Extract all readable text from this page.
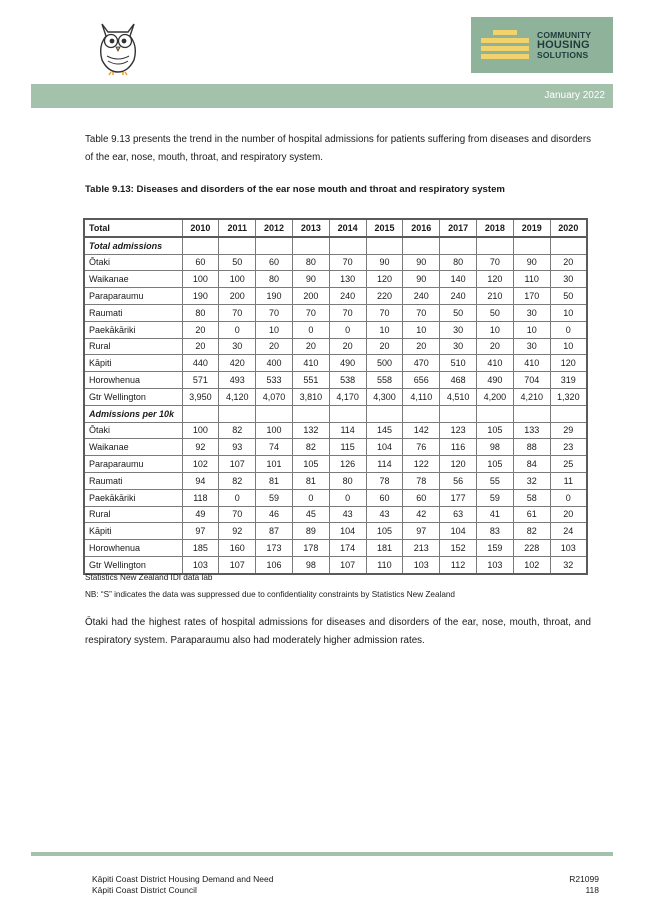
COMMUNITY
HOUSING
SOLUTIONS
January 2022

Table 9.13 presents the trend in the number of hospital admissions for patients suffering from diseases and disorders of the ear, nose, mouth, throat, and respiratory system.

Table 9.13: Diseases and disorders of the ear nose mouth and throat and respiratory system

Total	2010	2011	2012	2013	2014	2015	2016	2017	2018	2019	2020
Total admissions											
Ōtaki	60	50	60	80	70	90	90	80	70	90	20
Waikanae	100	100	80	90	130	120	90	140	120	110	30
Paraparaumu	190	200	190	200	240	220	240	240	210	170	50
Raumati	80	70	70	70	70	70	70	50	50	30	10
Paekākāriki	20	0	10	0	0	10	10	30	10	10	0
Rural	20	30	20	20	20	20	20	30	20	30	10
Kāpiti	440	420	400	410	490	500	470	510	410	410	120
Horowhenua	571	493	533	551	538	558	656	468	490	704	319
Gtr Wellington	3,950	4,120	4,070	3,810	4,170	4,300	4,110	4,510	4,200	4,210	1,320
Admissions per 10k											
Ōtaki	100	82	100	132	114	145	142	123	105	133	29
Waikanae	92	93	74	82	115	104	76	116	98	88	23
Paraparaumu	102	107	101	105	126	114	122	120	105	84	25
Raumati	94	82	81	81	80	78	78	56	55	32	11
Paekākāriki	118	0	59	0	0	60	60	177	59	58	0
Rural	49	70	46	45	43	43	42	63	41	61	20
Kāpiti	97	92	87	89	104	105	97	104	83	82	24
Horowhenua	185	160	173	178	174	181	213	152	159	228	103
Gtr Wellington	103	107	106	98	107	110	103	112	103	102	32

Statistics New Zealand IDI data lab

NB: “S” indicates the data was suppressed due to confidentiality constraints by Statistics New Zealand

Ōtaki had the highest rates of hospital admissions for diseases and disorders of the ear, nose, mouth, throat, and respiratory system. Paraparaumu also had moderately higher admission rates.

Kāpiti Coast District Housing Demand and Need
Kāpiti Coast District Council
R21099
118
